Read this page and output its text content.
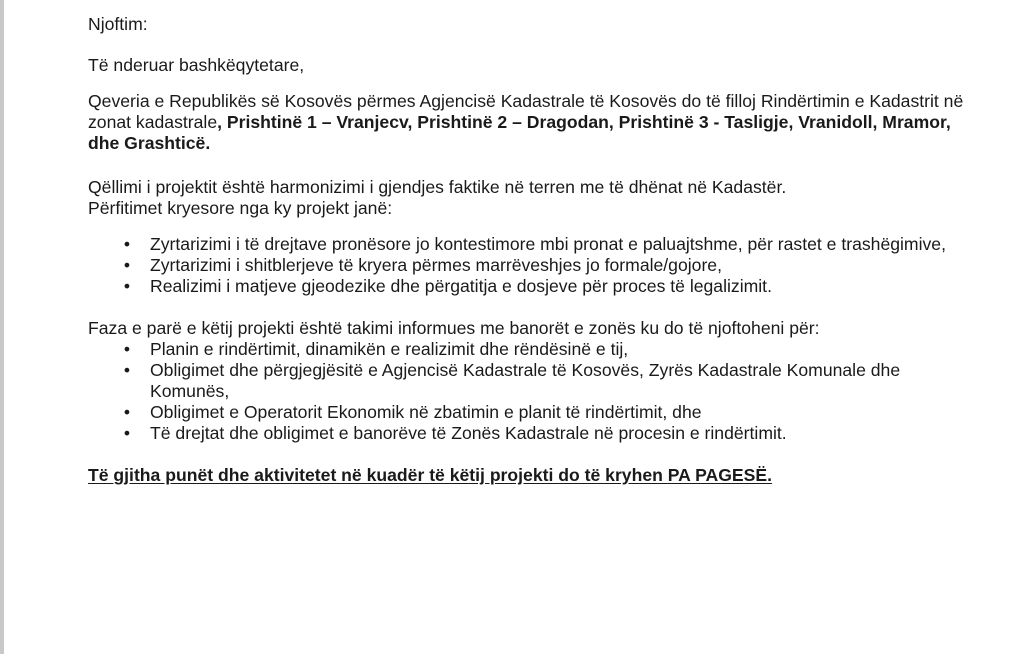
Njoftim:

Të nderuar bashkëqytetare,

Qeveria e Republikës së Kosovës përmes Agjencisë Kadastrale të Kosovës do të filloj Rindërtimin e Kadastrit në zonat kadastrale, Prishtinë 1 – Vranjecv, Prishtinë 2 – Dragodan, Prishtinë 3 - Tasligje, Vranidoll, Mramor, dhe Grashticë.

Qëllimi i projektit është harmonizimi i gjendjes faktike në terren me të dhënat në Kadastër.

Përfitimet kryesore nga ky projekt janë:

• Zyrtarizimi i të drejtave pronësore jo kontestimore mbi pronat e paluajtshme, për rastet e trashëgimive,
• Zyrtarizimi i shitblerjeve të kryera përmes marrëveshjes jo formale/gojore,
• Realizimi i matjeve gjeodezike dhe përgatitja e dosjeve për proces të legalizimit.

Faza e parë e këtij projekti është takimi informues me banorët e zonës ku do të njoftoheni për:

• Planin e rindërtimit, dinamikën e realizimit dhe rëndësinë e tij,
• Obligimet dhe përgjegjësitë e Agjencisë Kadastrale të Kosovës, Zyrës Kadastrale Komunale dhe Komunës,
• Obligimet e Operatorit Ekonomik në zbatimin e planit të rindërtimit, dhe
• Të drejtat dhe obligimet e banorëve të Zonës Kadastrale në procesin e rindërtimit.

Të gjitha punët dhe aktivitetet në kuadër të këtij projekti do të kryhen PA PAGESË.
